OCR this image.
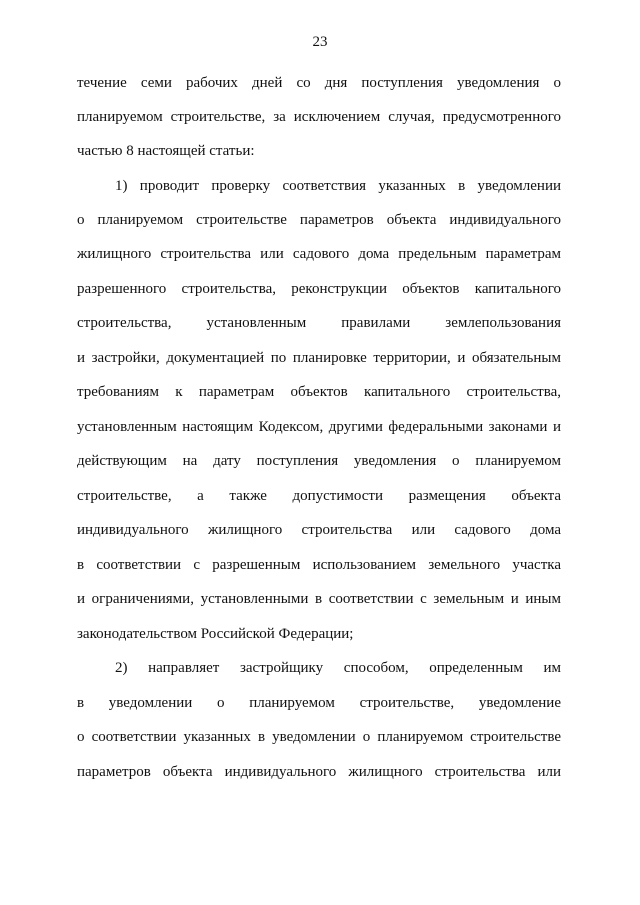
23
течение семи рабочих дней со дня поступления уведомления о
планируемом строительстве, за исключением случая, предусмотренного
частью 8 настоящей статьи:
1) проводит проверку соответствия указанных в уведомлении
о планируемом строительстве параметров объекта индивидуального
жилищного строительства или садового дома предельным параметрам
разрешенного строительства, реконструкции объектов капитального
строительства, установленным правилами землепользования
и застройки, документацией по планировке территории, и обязательным
требованиям к параметрам объектов капитального строительства,
установленным настоящим Кодексом, другими федеральными законами и
действующим на дату поступления уведомления о планируемом
строительстве, а также допустимости размещения объекта
индивидуального жилищного строительства или садового дома
в соответствии с разрешенным использованием земельного участка
и ограничениями, установленными в соответствии с земельным и иным
законодательством Российской Федерации;
2) направляет застройщику способом, определенным им
в уведомлении о планируемом строительстве, уведомление
о соответствии указанных в уведомлении о планируемом строительстве
параметров объекта индивидуального жилищного строительства или
